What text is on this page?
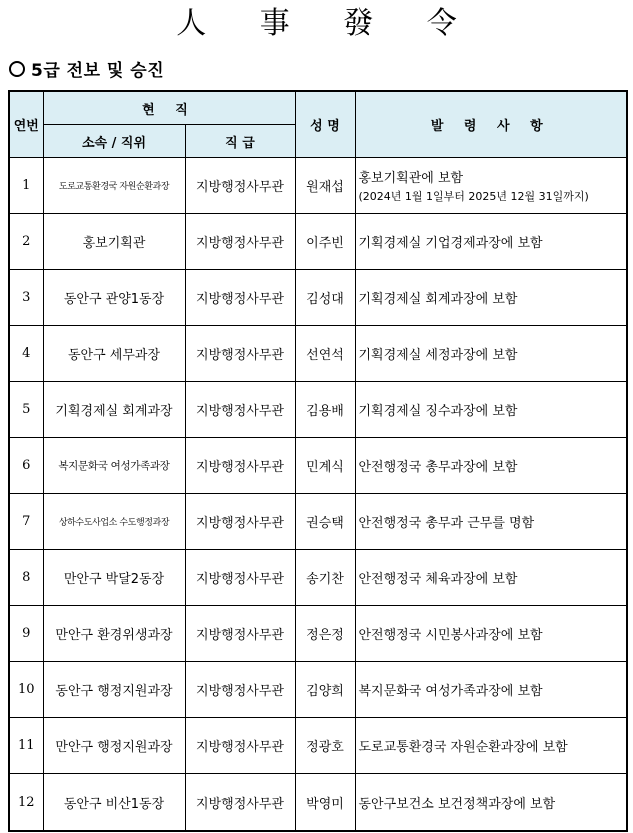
人 事 發 令
5급 전보 및 승진
연번	현 직		성 명	발 령 사 항
	소속 / 직위	직 급		
1	도로교통환경국 자원순환과장	지방행정사무관	원재섭	홍보기획관에 보함
(2024년 1월 1일부터 2025년 12월 31일까지)

2	홍보기획관	지방행정사무관	이주빈	기획경제실 기업경제과장에 보함
3	동안구 관양1동장	지방행정사무관	김성대	기획경제실 회계과장에 보함
4	동안구 세무과장	지방행정사무관	선연석	기획경제실 세정과장에 보함
5	기획경제실 회계과장	지방행정사무관	김용배	기획경제실 징수과장에 보함
6	복지문화국 여성가족과장	지방행정사무관	민계식	안전행정국 총무과장에 보함
7	상하수도사업소 수도행정과장	지방행정사무관	권승택	안전행정국 총무과 근무를 명함
8	만안구 박달2동장	지방행정사무관	송기찬	안전행정국 체육과장에 보함
9	만안구 환경위생과장	지방행정사무관	정은정	안전행정국 시민봉사과장에 보함
10	동안구 행정지원과장	지방행정사무관	김양희	복지문화국 여성가족과장에 보함
11	만안구 행정지원과장	지방행정사무관	정광호	도로교통환경국 자원순환과장에 보함
12	동안구 비산1동장	지방행정사무관	박영미	동안구보건소 보건정책과장에 보함
